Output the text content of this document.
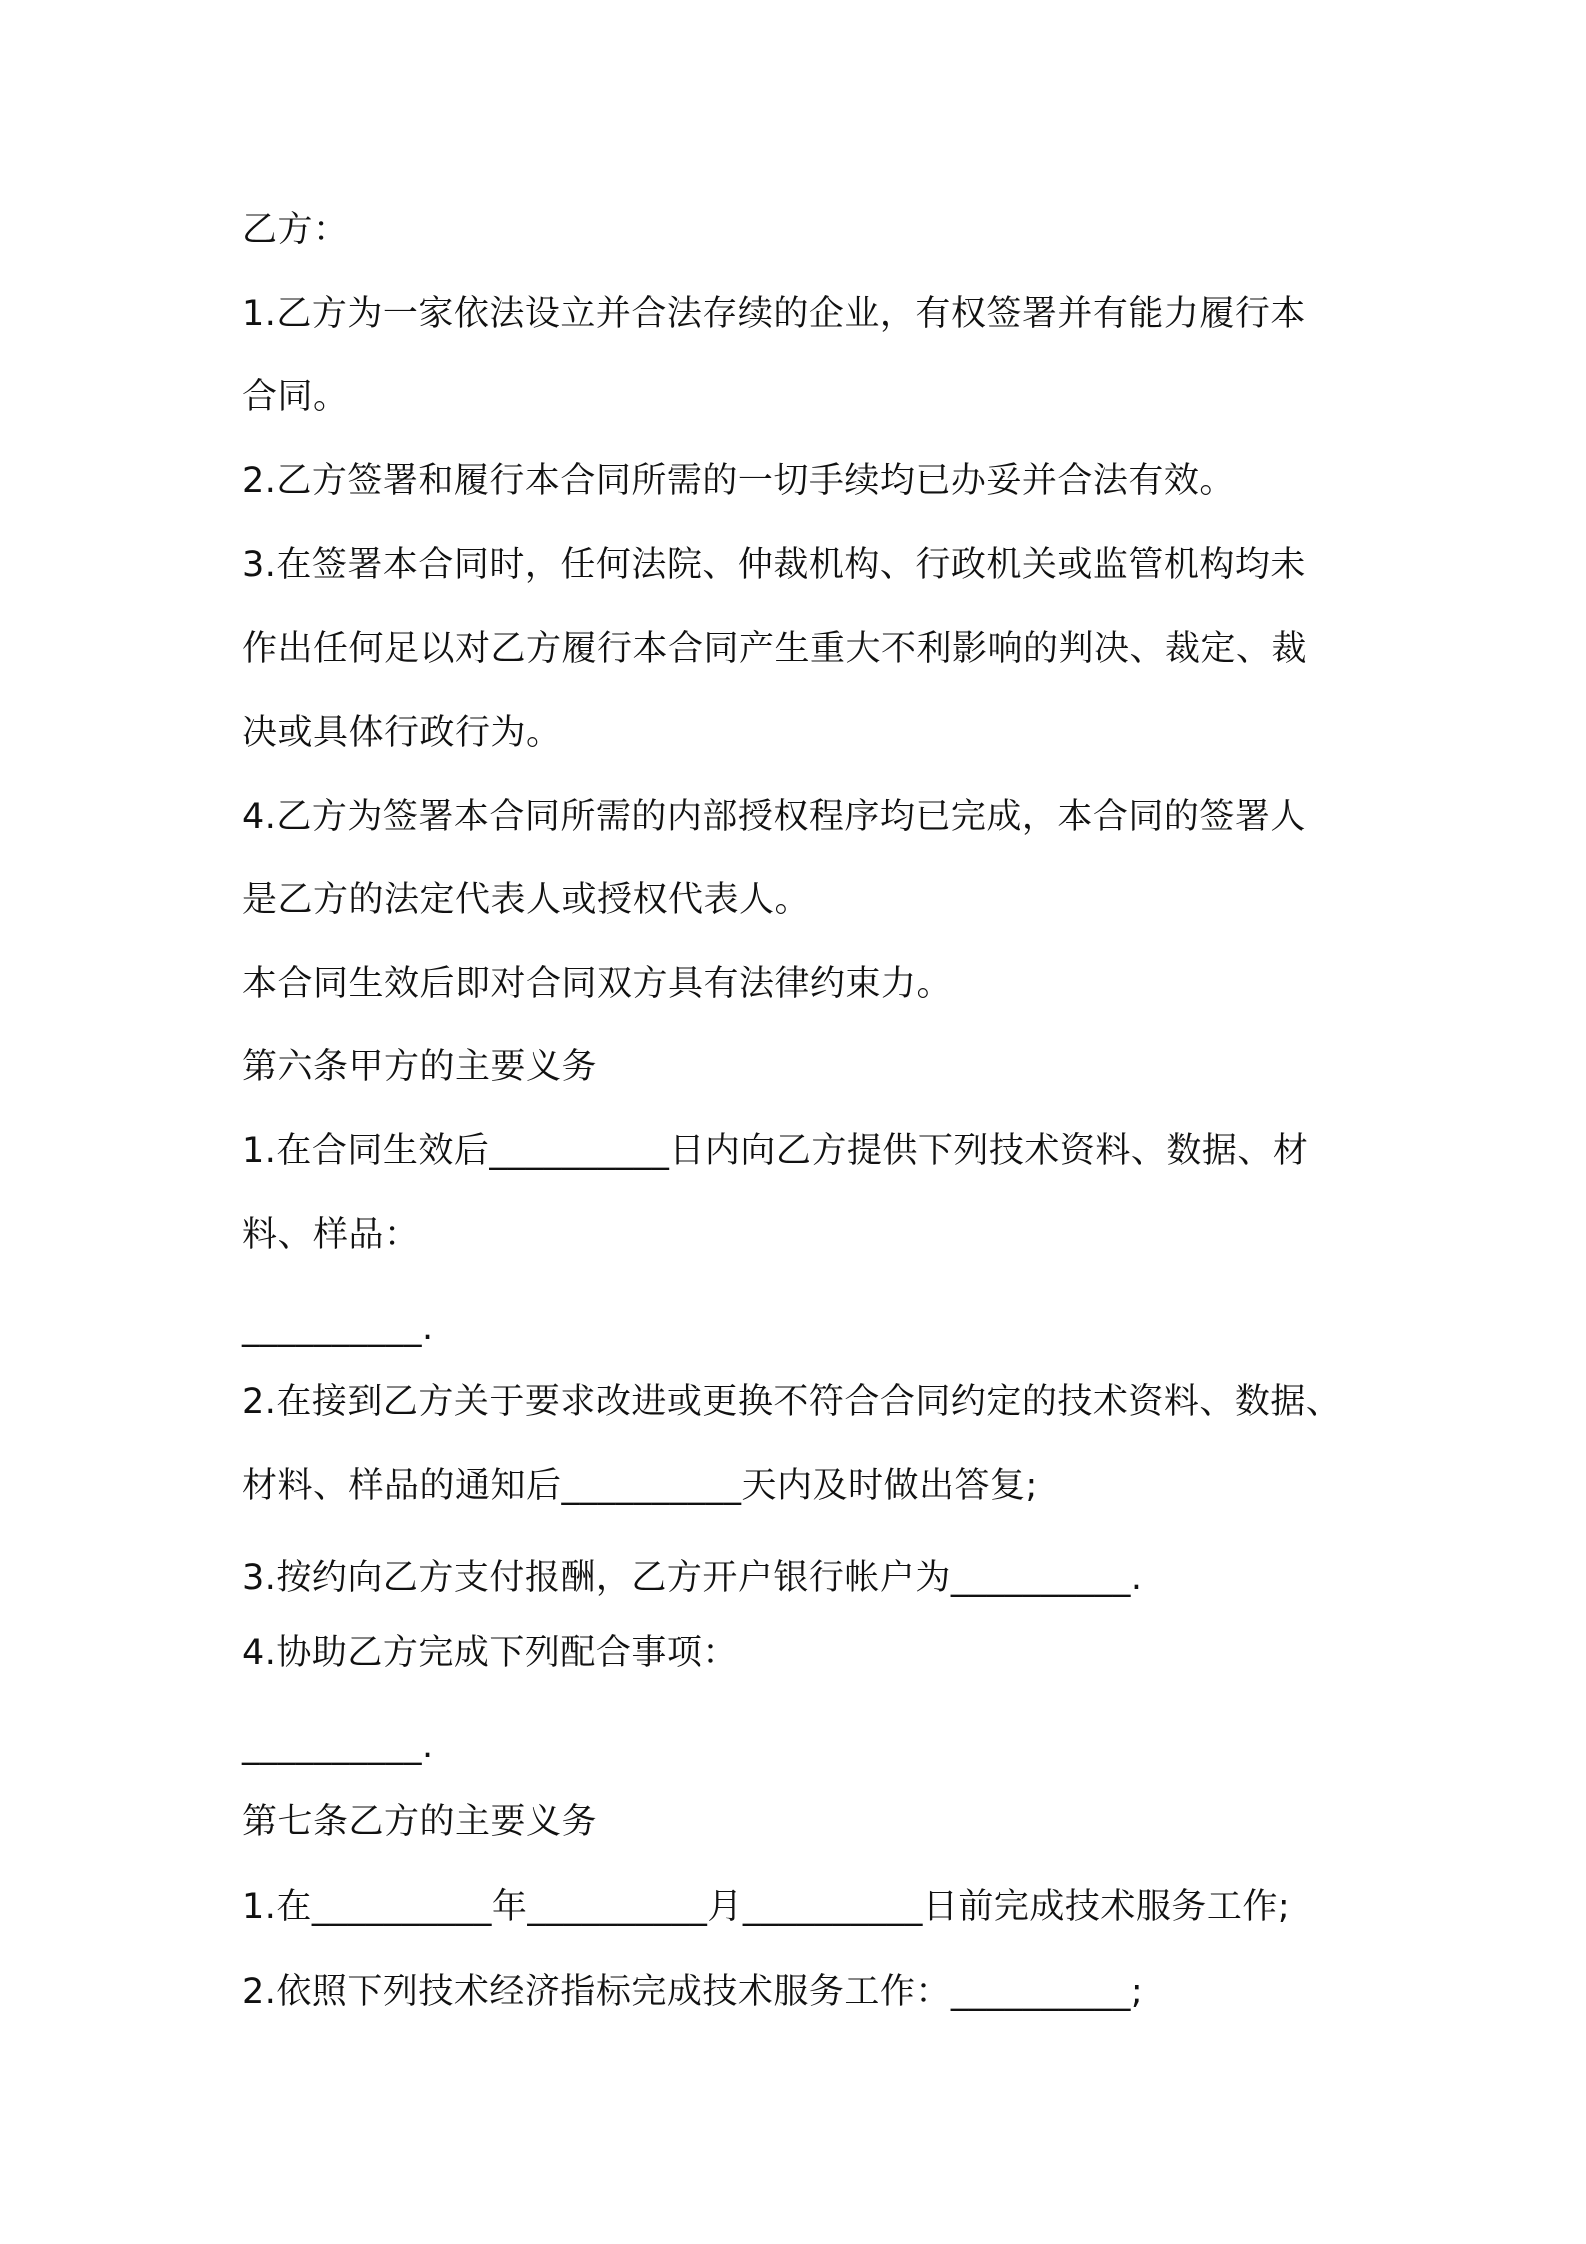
乙方：
1.乙方为一家依法设立并合法存续的企业，有权签署并有能力履行本
合同。
2.乙方签署和履行本合同所需的一切手续均已办妥并合法有效。
3.在签署本合同时，任何法院、仲裁机构、行政机关或监管机构均未
作出任何足以对乙方履行本合同产生重大不利影响的判决、裁定、裁
决或具体行政行为。
4.乙方为签署本合同所需的内部授权程序均已完成，本合同的签署人
是乙方的法定代表人或授权代表人。
本合同生效后即对合同双方具有法律约束力。
第六条甲方的主要义务
1.在合同生效后__________日内向乙方提供下列技术资料、数据、材
料、样品：
__________.
2.在接到乙方关于要求改进或更换不符合合同约定的技术资料、数据、
材料、样品的通知后__________天内及时做出答复;
3.按约向乙方支付报酬，乙方开户银行帐户为__________.
4.协助乙方完成下列配合事项：
__________.
第七条乙方的主要义务
1.在__________年__________月__________日前完成技术服务工作;
2.依照下列技术经济指标完成技术服务工作：__________;
